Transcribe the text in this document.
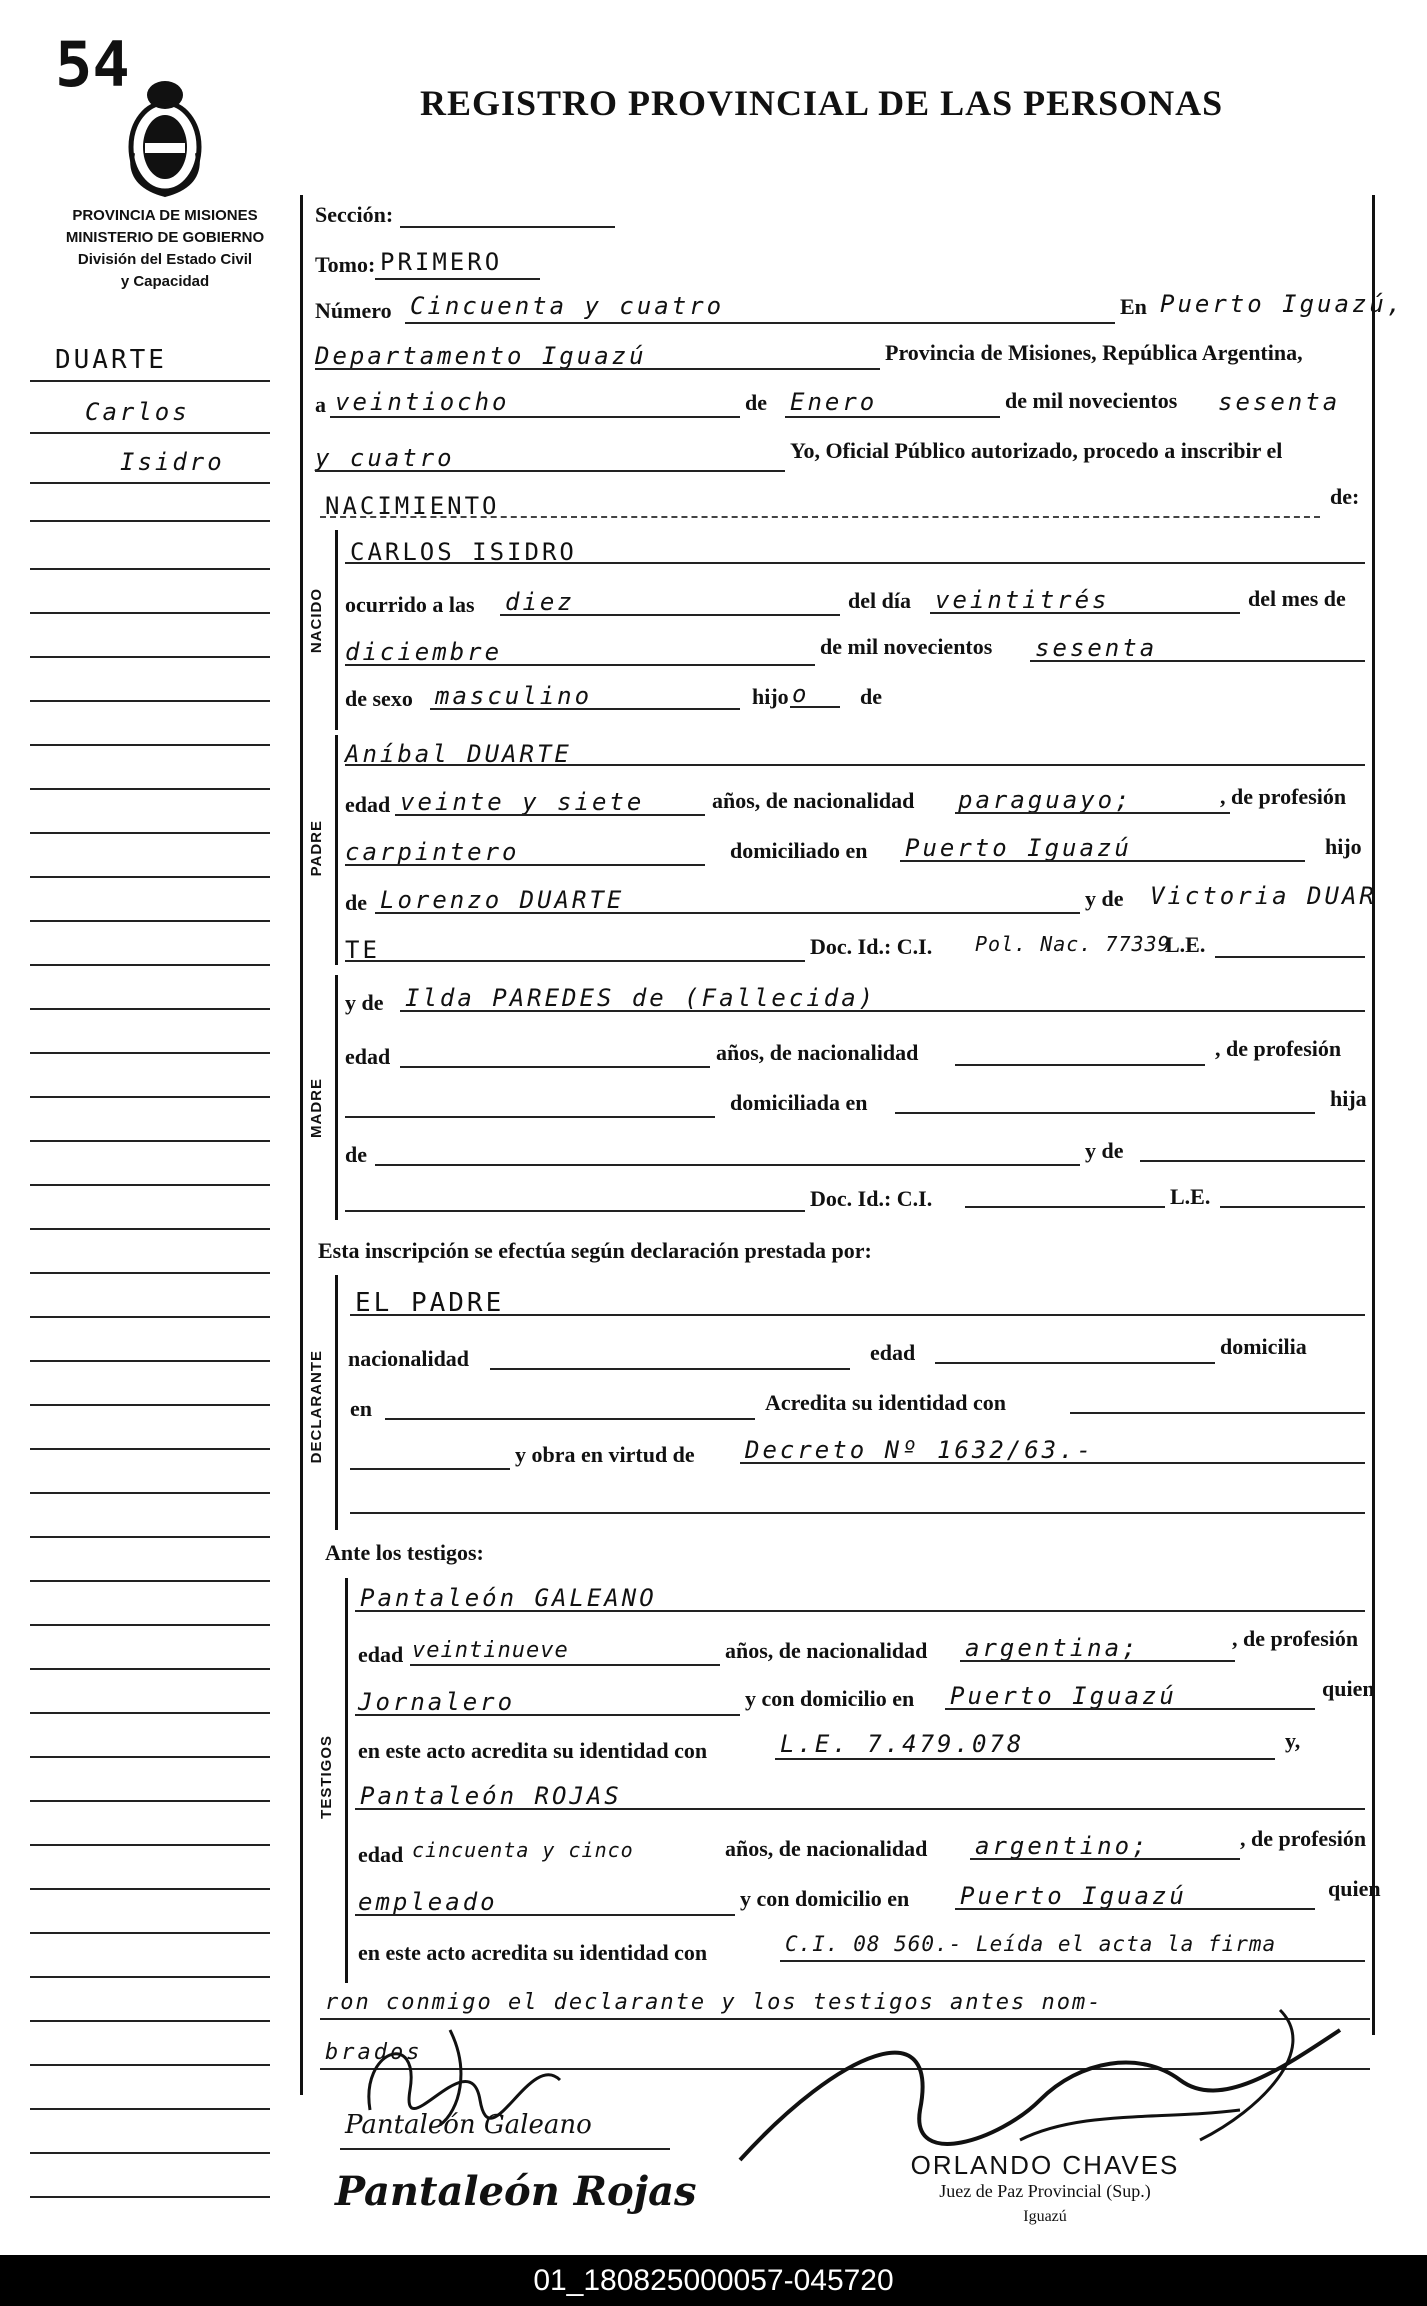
54
REGISTRO PROVINCIAL DE LAS PERSONAS
PROVINCIA DE MISIONES
MINISTERIO DE GOBIERNO
División del Estado Civil
y Capacidad
DUARTE
Carlos
Isidro
Sección:
Tomo: PRIMERO
Número Cincuenta y cuatro	En Puerto Iguazú,
Departamento Iguazú	Provincia de Misiones, República Argentina,
a veintiocho	de Enero	de mil novecientos sesenta
y cuatro	Yo, Oficial Público autorizado, procedo a inscribir el
NACIMIENTO	de:
NACIDO
CARLOS ISIDRO
ocurrido a las diez	del día veintitrés	del mes de
diciembre	de mil novecientos sesenta
de sexo masculino	hijo o de
PADRE
Aníbal DUARTE
edad veinte y siete	años, de nacionalidad paraguayo;	, de profesión
carpintero	domiciliado en Puerto Iguazú	hijo
de Lorenzo DUARTE	y de Victoria DUAR
TE	Doc. Id.: C.I. Pol. Nac. 77339
L.E.
MADRE
y de Ilda PAREDES de (Fallecida)
edad	años, de nacionalidad	, de profesión
domiciliada en	hija
de	y de
Doc. Id.: C.I.	L.E.
Esta inscripción se efectúa según declaración prestada por:
DECLARANTE
EL PADRE
nacionalidad	edad	domicilia
en	Acredita su identidad con
y obra en virtud de Decreto Nº 1632/63.-
Ante los testigos:
TESTIGOS
Pantaleón GALEANO
edad veintinueve	años, de nacionalidad argentina;	, de profesión
Jornalero	y con domicilio en Puerto Iguazú	quien
en este acto acredita su identidad con	L.E. 7.479.078	y,
Pantaleón ROJAS
edad cincuenta y cinco	años, de nacionalidad argentino;	, de profesión
empleado	y con domicilio en Puerto Iguazú	quien
en este acto acredita su identidad con	C.I. 08 560.- Leída el acta la firma
ron conmigo el declarante y los testigos antes nom-
brados
Pantaleón Galeano
Pantaleón Rojas
ORLANDO CHAVES
Juez de Paz Provincial (Sup.)
Iguazú
01_180825000057-045720
